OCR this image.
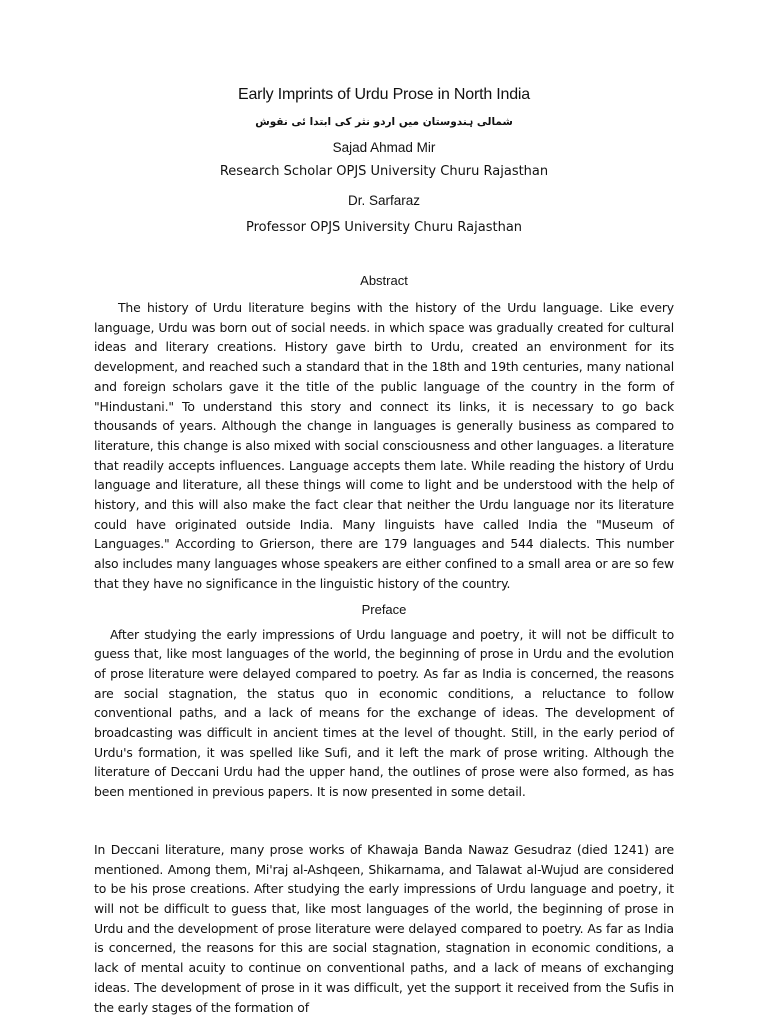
Early Imprints of Urdu Prose in North India
شمالی ہندوستان میں اردو نثر کی ابتدا ئی نقوش
Sajad Ahmad Mir
Research Scholar OPJS University Churu Rajasthan
Dr. Sarfaraz
Professor OPJS University Churu Rajasthan
Abstract

The history of Urdu literature begins with the history of the Urdu language. Like every language, Urdu was born out of social needs. in which space was gradually created for cultural ideas and literary creations. History gave birth to Urdu, created an environment for its development, and reached such a standard that in the 18th and 19th centuries, many national and foreign scholars gave it the title of the public language of the country in the form of "Hindustani." To understand this story and connect its links, it is necessary to go back thousands of years. Although the change in languages is generally business as compared to literature, this change is also mixed with social consciousness and other languages. a literature that readily accepts influences. Language accepts them late. While reading the history of Urdu language and literature, all these things will come to light and be understood with the help of history, and this will also make the fact clear that neither the Urdu language nor its literature could have originated outside India. Many linguists have called India the "Museum of Languages." According to Grierson, there are 179 languages and 544 dialects. This number also includes many languages whose speakers are either confined to a small area or are so few that they have no significance in the linguistic history of the country.

Preface

After studying the early impressions of Urdu language and poetry, it will not be difficult to guess that, like most languages of the world, the beginning of prose in Urdu and the evolution of prose literature were delayed compared to poetry. As far as India is concerned, the reasons are social stagnation, the status quo in economic conditions, a reluctance to follow conventional paths, and a lack of means for the exchange of ideas. The development of broadcasting was difficult in ancient times at the level of thought. Still, in the early period of Urdu's formation, it was spelled like Sufi, and it left the mark of prose writing. Although the literature of Deccani Urdu had the upper hand, the outlines of prose were also formed, as has been mentioned in previous papers. It is now presented in some detail.

In Deccani literature, many prose works of Khawaja Banda Nawaz Gesudraz (died 1241) are mentioned. Among them, Mi'raj al-Ashqeen, Shikarnama, and Talawat al-Wujud are considered to be his prose creations. After studying the early impressions of Urdu language and poetry, it will not be difficult to guess that, like most languages of the world, the beginning of prose in Urdu and the development of prose literature were delayed compared to poetry. As far as India is concerned, the reasons for this are social stagnation, stagnation in economic conditions, a lack of mental acuity to continue on conventional paths, and a lack of means of exchanging ideas. The development of prose in it was difficult, yet the support it received from the Sufis in the early stages of the formation of
